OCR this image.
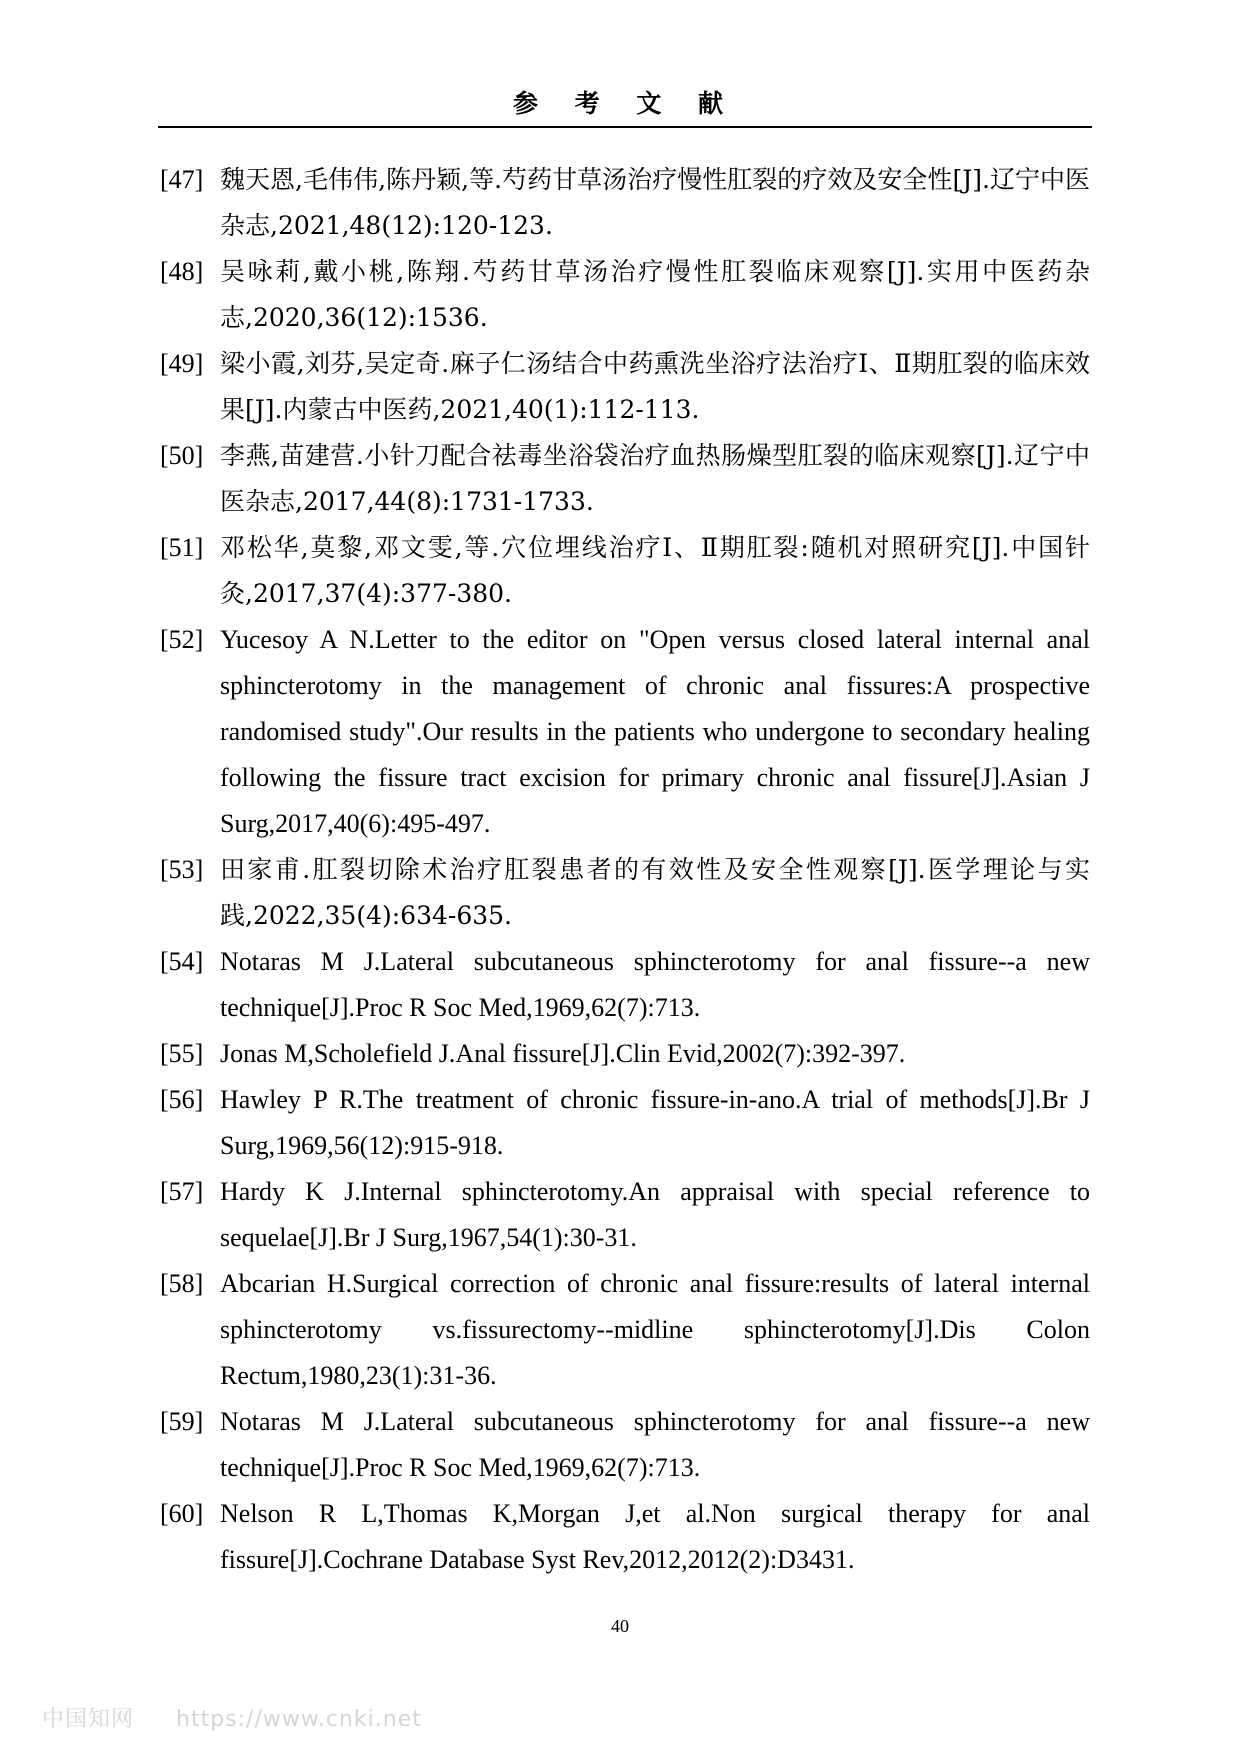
参 考 文 献
[47] 魏天恩,毛伟伟,陈丹颖,等.芍药甘草汤治疗慢性肛裂的疗效及安全性[J].辽宁中医杂志,2021,48(12):120-123.
[48] 吴咏莉,戴小桃,陈翔.芍药甘草汤治疗慢性肛裂临床观察[J].实用中医药杂志,2020,36(12):1536.
[49] 梁小霞,刘芬,吴定奇.麻子仁汤结合中药熏洗坐浴疗法治疗Ⅰ、Ⅱ期肛裂的临床效果[J].内蒙古中医药,2021,40(1):112-113.
[50] 李燕,苗建营.小针刀配合祛毒坐浴袋治疗血热肠燥型肛裂的临床观察[J].辽宁中医杂志,2017,44(8):1731-1733.
[51] 邓松华,莫黎,邓文雯,等.穴位埋线治疗Ⅰ、Ⅱ期肛裂:随机对照研究[J].中国针灸,2017,37(4):377-380.
[52] Yucesoy A N.Letter to the editor on "Open versus closed lateral internal anal sphincterotomy in the management of chronic anal fissures:A prospective randomised study".Our results in the patients who undergone to secondary healing following the fissure tract excision for primary chronic anal fissure[J].Asian J Surg,2017,40(6):495-497.
[53] 田家甫.肛裂切除术治疗肛裂患者的有效性及安全性观察[J].医学理论与实践,2022,35(4):634-635.
[54] Notaras M J.Lateral subcutaneous sphincterotomy for anal fissure--a new technique[J].Proc R Soc Med,1969,62(7):713.
[55] Jonas M,Scholefield J.Anal fissure[J].Clin Evid,2002(7):392-397.
[56] Hawley P R.The treatment of chronic fissure-in-ano.A trial of methods[J].Br J Surg,1969,56(12):915-918.
[57] Hardy K J.Internal sphincterotomy.An appraisal with special reference to sequelae[J].Br J Surg,1967,54(1):30-31.
[58] Abcarian H.Surgical correction of chronic anal fissure:results of lateral internal sphincterotomy vs.fissurectomy--midline sphincterotomy[J].Dis Colon Rectum,1980,23(1):31-36.
[59] Notaras M J.Lateral subcutaneous sphincterotomy for anal fissure--a new technique[J].Proc R Soc Med,1969,62(7):713.
[60] Nelson R L,Thomas K,Morgan J,et al.Non surgical therapy for anal fissure[J].Cochrane Database Syst Rev,2012,2012(2):D3431.
40
中国知网 https://www.cnki.net
